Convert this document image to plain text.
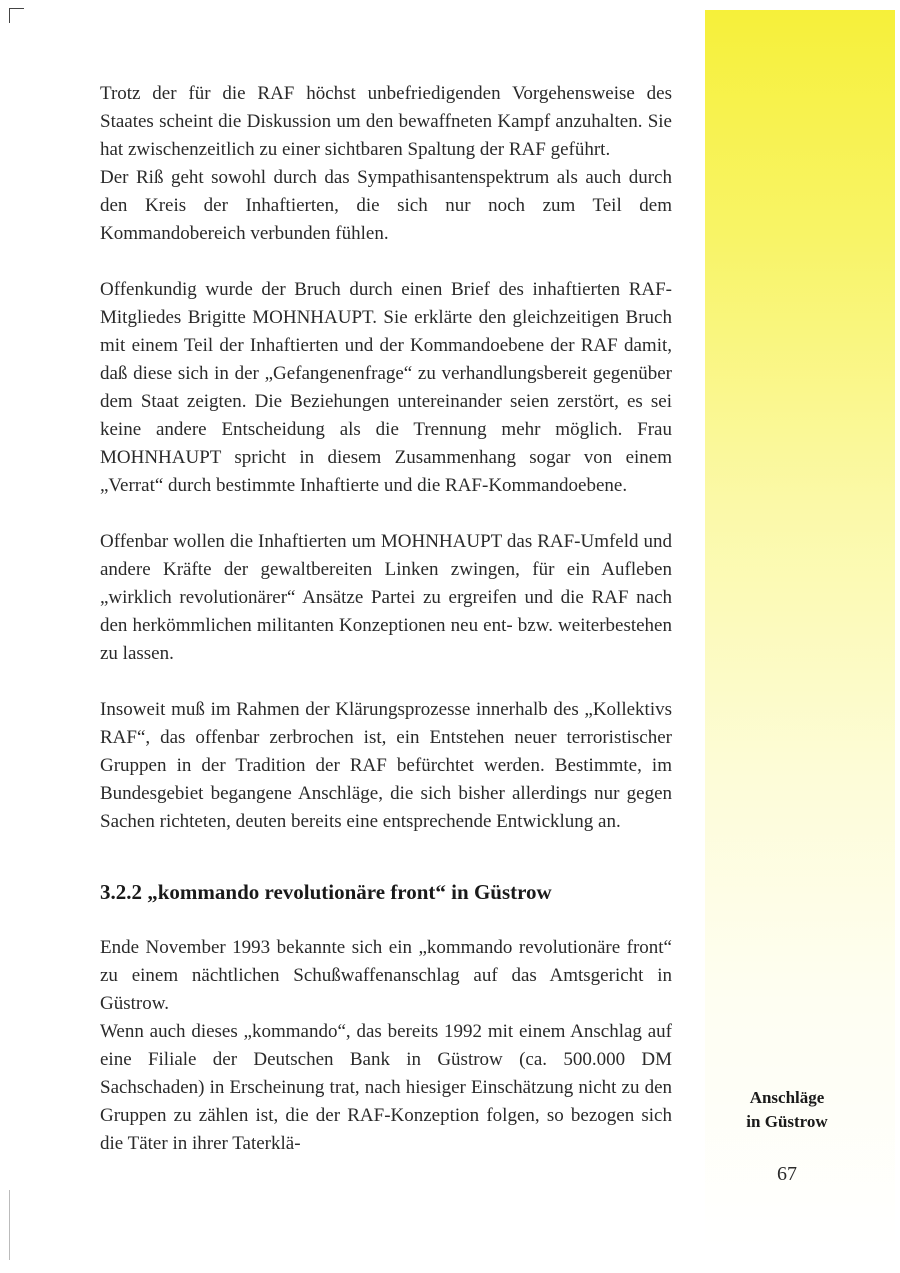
Trotz der für die RAF höchst unbefriedigenden Vorgehensweise des Staates scheint die Diskussion um den bewaffneten Kampf anzuhalten. Sie hat zwischenzeitlich zu einer sichtbaren Spaltung der RAF geführt.

Der Riß geht sowohl durch das Sympathisantenspektrum als auch durch den Kreis der Inhaftierten, die sich nur noch zum Teil dem Kommandobereich verbunden fühlen.

Offenkundig wurde der Bruch durch einen Brief des inhaftierten RAF-Mitgliedes Brigitte MOHNHAUPT. Sie erklärte den gleichzeitigen Bruch mit einem Teil der Inhaftierten und der Kommandoebene der RAF damit, daß diese sich in der „Gefangenenfrage“ zu verhandlungsbereit gegenüber dem Staat zeigten. Die Beziehungen untereinander seien zerstört, es sei keine andere Entscheidung als die Trennung mehr möglich. Frau MOHNHAUPT spricht in diesem Zusammenhang sogar von einem „Verrat“ durch bestimmte Inhaftierte und die RAF-Kommandoebene.

Offenbar wollen die Inhaftierten um MOHNHAUPT das RAF-Umfeld und andere Kräfte der gewaltbereiten Linken zwingen, für ein Aufleben „wirklich revolutionärer“ Ansätze Partei zu ergreifen und die RAF nach den herkömmlichen militanten Konzeptionen neu ent- bzw. weiterbestehen zu lassen.

Insoweit muß im Rahmen der Klärungsprozesse innerhalb des „Kollektivs RAF“, das offenbar zerbrochen ist, ein Entstehen neuer terroristischer Gruppen in der Tradition der RAF befürchtet werden. Bestimmte, im Bundesgebiet begangene Anschläge, die sich bisher allerdings nur gegen Sachen richteten, deuten bereits eine entsprechende Entwicklung an.

3.2.2 „kommando revolutionäre front“ in Güstrow

Ende November 1993 bekannte sich ein „kommando revolutionäre front“ zu einem nächtlichen Schußwaffenanschlag auf das Amtsgericht in Güstrow.

Wenn auch dieses „kommando“, das bereits 1992 mit einem Anschlag auf eine Filiale der Deutschen Bank in Güstrow (ca. 500.000 DM Sachschaden) in Erscheinung trat, nach hiesiger Einschätzung nicht zu den Gruppen zu zählen ist, die der RAF-Konzeption folgen, so bezogen sich die Täter in ihrer Taterklä-

Anschläge
in Güstrow
67
